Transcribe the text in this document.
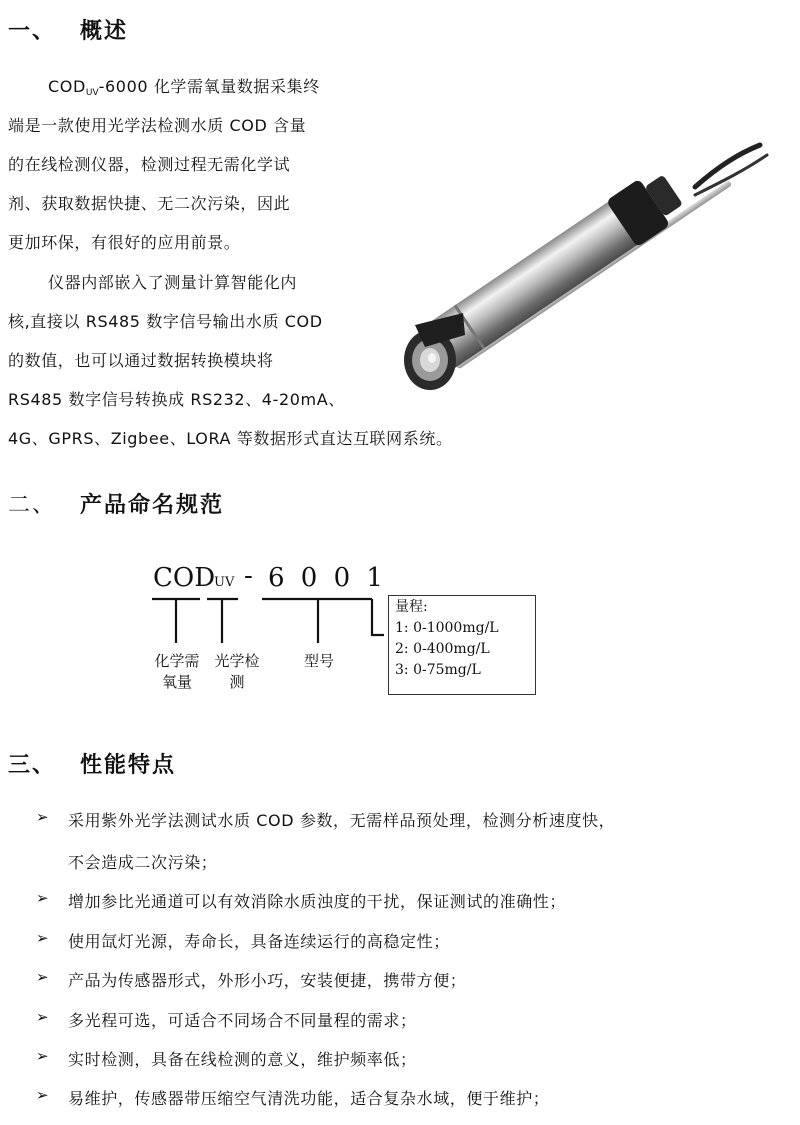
一、 概述
$COD_{UV}-6000$ 化学需氧量数据采集终
端是一款使用光学法检测水质 COD 含量
的在线检测仪器，检测过程无需化学试
剂、获取数据快捷、无二次污染，因此
更加环保，有很好的应用前景。
仪器内部嵌入了测量计算智能化内
核,直接以 RS485 数字信号输出水质 COD
的数值，也可以通过数据转换模块将
RS485 数字信号转换成 RS232、4-20mA、
4G、GPRS、Zigbee、LORA 等数据形式直达互联网系统。
二、 产品命名规范
COD
UV - 6 0 0 1
化学需
氧量
光学检
测
型号
量程:
1: 0-1000mg/L
2: 0-400mg/L
3: 0-75mg/L
三、 性能特点
➢ 采用紫外光学法测试水质 COD 参数，无需样品预处理，检测分析速度快，
不会造成二次污染；
➢ 增加参比光通道可以有效消除水质浊度的干扰，保证测试的准确性；
➢ 使用氙灯光源，寿命长，具备连续运行的高稳定性；
➢ 产品为传感器形式，外形小巧，安装便捷，携带方便；
➢ 多光程可选，可适合不同场合不同量程的需求；
➢ 实时检测，具备在线检测的意义，维护频率低；
➢ 易维护，传感器带压缩空气清洗功能，适合复杂水域，便于维护；
